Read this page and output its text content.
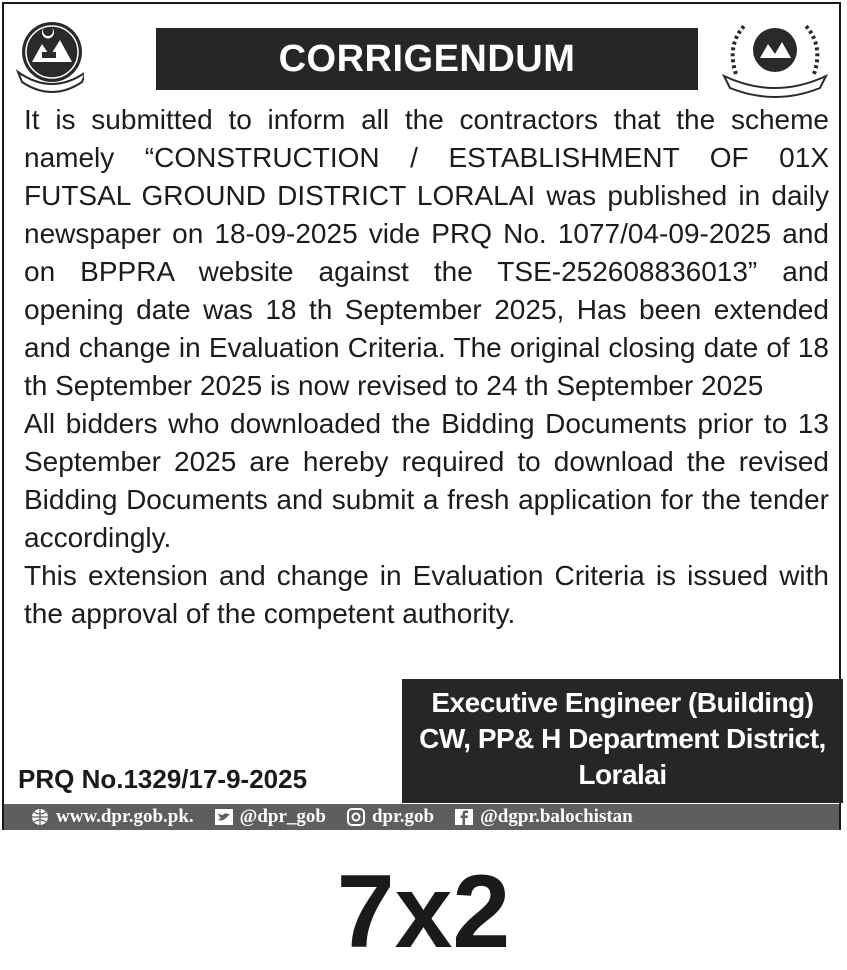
CORRIGENDUM

It is submitted to inform all the contractors that the scheme namely “CONSTRUCTION / ESTABLISHMENT OF 01X FUTSAL GROUND DISTRICT LORALAI was published in daily newspaper on 18-09-2025 vide PRQ No. 1077/04-09-2025 and on BPPRA website against the TSE-252608836013” and opening date was 18 th September 2025, Has been extended and change in Evaluation Criteria. The original closing date of 18 th September 2025 is now revised to 24 th September 2025

All bidders who downloaded the Bidding Documents prior to 13 September 2025 are hereby required to download the revised Bidding Documents and submit a fresh application for the tender accordingly.

This extension and change in Evaluation Criteria is issued with the approval of the competent authority.

PRQ No.1329/17-9-2025
Executive Engineer (Building)
CW, PP& H Department District,
Loralai
www.dpr.gob.pk. @dpr_gob dpr.gob @dgpr.balochistan
7x2
